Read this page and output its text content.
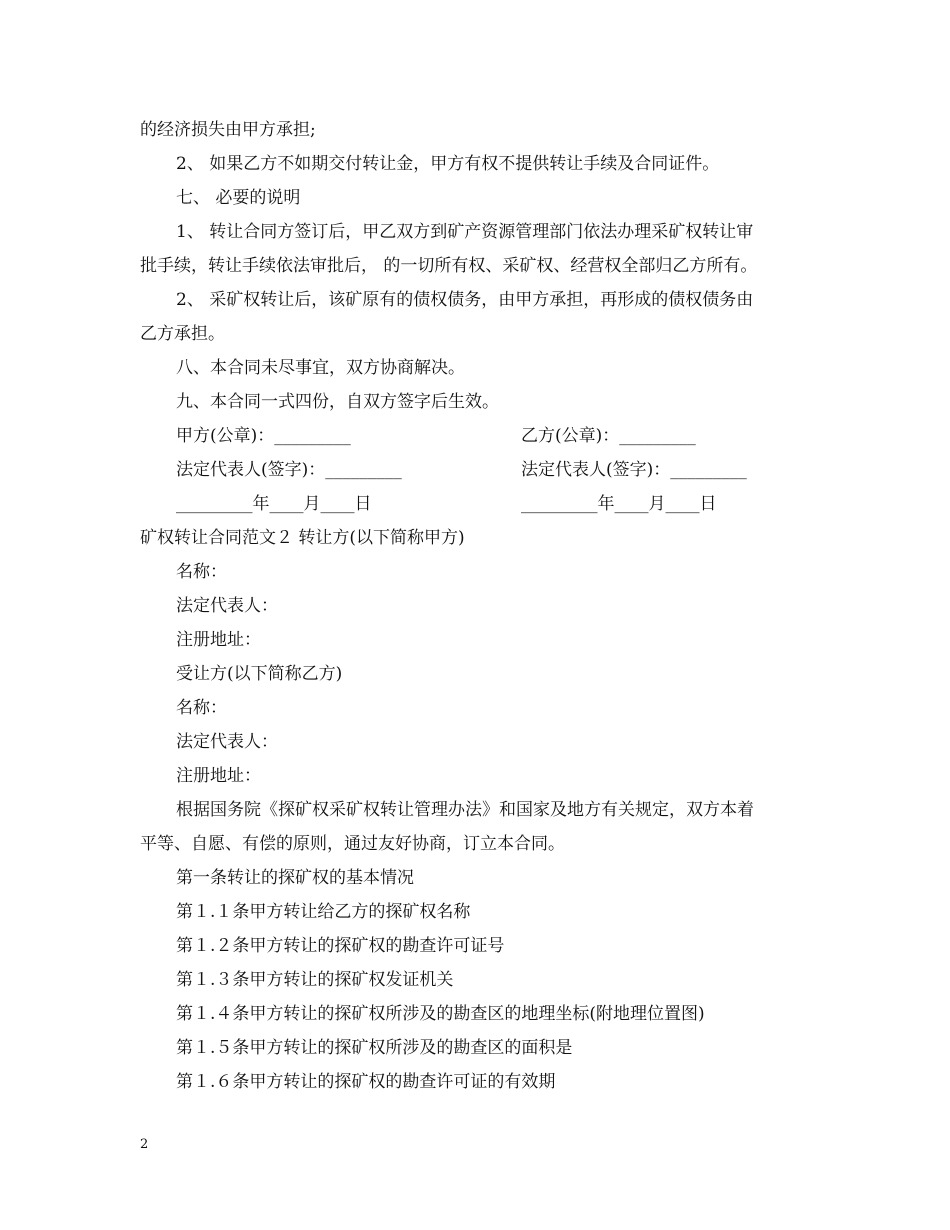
的经济损失由甲方承担;
2、 如果乙方不如期交付转让金，甲方有权不提供转让手续及合同证件。
七、 必要的说明
1、 转让合同方签订后，甲乙双方到矿产资源管理部门依法办理采矿权转让审
批手续，转让手续依法审批后， 的一切所有权、采矿权、经营权全部归乙方所有。
2、 采矿权转让后，该矿原有的债权债务，由甲方承担，再形成的债权债务由
乙方承担。
八、本合同未尽事宜，双方协商解决。
九、本合同一式四份，自双方签字后生效。
甲方(公章)：_________	乙方(公章)：_________
法定代表人(签字)：_________	法定代表人(签字)：_________
_________年____月____日	_________年____月____日
矿权转让合同范文２ 转让方(以下简称甲方)
名称：
法定代表人：
注册地址：
受让方(以下简称乙方)
名称：
法定代表人：
注册地址：
根据国务院《探矿权采矿权转让管理办法》和国家及地方有关规定，双方本着
平等、自愿、有偿的原则，通过友好协商，订立本合同。
第一条转让的探矿权的基本情况
第１.１条甲方转让给乙方的探矿权名称
第１.２条甲方转让的探矿权的勘查许可证号
第１.３条甲方转让的探矿权发证机关
第１.４条甲方转让的探矿权所涉及的勘查区的地理坐标(附地理位置图)
第１.５条甲方转让的探矿权所涉及的勘查区的面积是
第１.６条甲方转让的探矿权的勘查许可证的有效期
2
